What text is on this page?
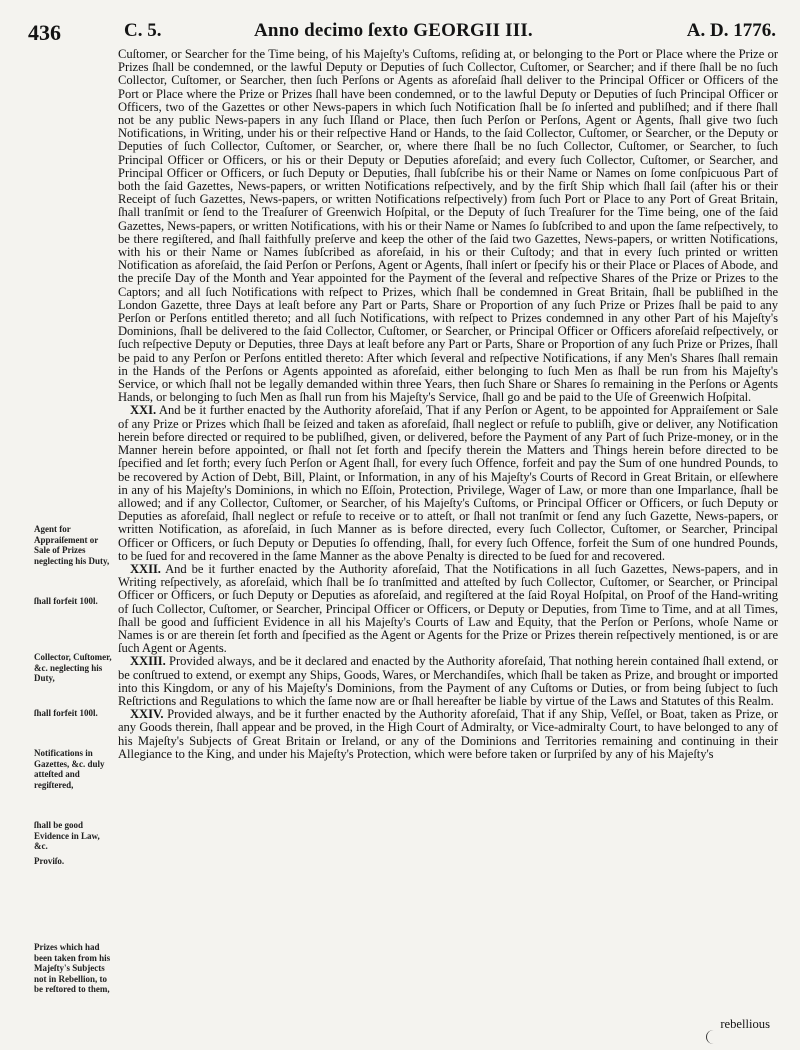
436	C. 5.	Anno decimo ſexto GEORGII III.	A. D. 1776.

Cuſtomer, or Searcher for the Time being, of his Majeſty's Cuſtoms, reſiding at, or belonging to the Port or Place where the Prize or Prizes ſhall be condemned, or the lawful Deputy or Deputies of ſuch Collector, Cuſtomer, or Searcher; and if there ſhall be no ſuch Collector, Cuſtomer, or Searcher, then ſuch Perſons or Agents as aforeſaid ſhall deliver to the Principal Officer or Officers of the Port or Place where the Prize or Prizes ſhall have been condemned, or to the lawful Deputy or Deputies of ſuch Principal Officer or Officers, two of the Gazettes or other News-papers in which ſuch Notification ſhall be ſo inſerted and publiſhed; and if there ſhall not be any public News-papers in any ſuch Iſland or Place, then ſuch Perſon or Perſons, Agent or Agents, ſhall give two ſuch Notifications, in Writing, under his or their reſpective Hand or Hands, to the ſaid Collector, Cuſtomer, or Searcher, or the Deputy or Deputies of ſuch Collector, Cuſtomer, or Searcher, or, where there ſhall be no ſuch Collector, Cuſtomer, or Searcher, to ſuch Principal Officer or Officers, or his or their Deputy or Deputies aforeſaid; and every ſuch Collector, Cuſtomer, or Searcher, and Principal Officer or Officers, or ſuch Deputy or Deputies, ſhall ſubſcribe his or their Name or Names on ſome conſpicuous Part of both the ſaid Gazettes, News-papers, or written Notifications reſpectively, and by the firſt Ship which ſhall ſail (after his or their Receipt of ſuch Gazettes, News-papers, or written Notifications reſpectively) from ſuch Port or Place to any Port of Great Britain, ſhall tranſmit or ſend to the Treaſurer of Greenwich Hoſpital, or the Deputy of ſuch Treaſurer for the Time being, one of the ſaid Gazettes, News-papers, or written Notifications, with his or their Name or Names ſo ſubſcribed to and upon the ſame reſpectively, to be there regiſtered, and ſhall faithfully preſerve and keep the other of the ſaid two Gazettes, News-papers, or written Notifications, with his or their Name or Names ſubſcribed as aforeſaid, in his or their Cuſtody; and that in every ſuch printed or written Notification as aforeſaid, the ſaid Perſon or Perſons, Agent or Agents, ſhall inſert or ſpecify his or their Place or Places of Abode, and the preciſe Day of the Month and Year appointed for the Payment of the ſeveral and reſpective Shares of the Prize or Prizes to the Captors; and all ſuch Notifications with reſpect to Prizes, which ſhall be condemned in Great Britain, ſhall be publiſhed in the London Gazette, three Days at leaſt before any Part or Parts, Share or Proportion of any ſuch Prize or Prizes ſhall be paid to any Perſon or Perſons entitled thereto; and all ſuch Notifications, with reſpect to Prizes condemned in any other Part of his Majeſty's Dominions, ſhall be delivered to the ſaid Collector, Cuſtomer, or Searcher, or Principal Officer or Officers aforeſaid reſpectively, or ſuch reſpective Deputy or Deputies, three Days at leaſt before any Part or Parts, Share or Proportion of any ſuch Prize or Prizes, ſhall be paid to any Perſon or Perſons entitled thereto: After which ſeveral and reſpective Notifications, if any Men's Shares ſhall remain in the Hands of the Perſons or Agents appointed as aforeſaid, either belonging to ſuch Men as ſhall be run from his Majeſty's Service, or which ſhall not be legally demanded within three Years, then ſuch Share or Shares ſo remaining in the Perſons or Agents Hands, or belonging to ſuch Men as ſhall run from his Majeſty's Service, ſhall go and be paid to the Uſe of Greenwich Hoſpital.

XXI. And be it further enacted by the Authority aforeſaid, That if any Perſon or Agent, to be appointed for Appraiſement or Sale of any Prize or Prizes which ſhall be ſeized and taken as aforeſaid, ſhall neglect or refuſe to publiſh, give or deliver, any Notification herein before directed or required to be publiſhed, given, or delivered, before the Payment of any Part of ſuch Prize-money, or in the Manner herein before appointed, or ſhall not ſet forth and ſpecify therein the Matters and Things herein before directed to be ſpecified and ſet forth; every ſuch Perſon or Agent ſhall, for every ſuch Offence, forfeit and pay the Sum of one hundred Pounds, to be recovered by Action of Debt, Bill, Plaint, or Information, in any of his Majeſty's Courts of Record in Great Britain, or elſewhere in any of his Majeſty's Dominions, in which no Eſſoin, Protection, Privilege, Wager of Law, or more than one Imparlance, ſhall be allowed; and if any Collector, Cuſtomer, or Searcher, of his Majeſty's Cuſtoms, or Principal Officer or Officers, or ſuch Deputy or Deputies as aforeſaid, ſhall neglect or refuſe to receive or to atteſt, or ſhall not tranſmit or ſend any ſuch Gazette, News-papers, or written Notification, as aforeſaid, in ſuch Manner as is before directed, every ſuch Collector, Cuſtomer, or Searcher, Principal Officer or Officers, or ſuch Deputy or Deputies ſo offending, ſhall, for every ſuch Offence, forfeit the Sum of one hundred Pounds, to be ſued for and recovered in the ſame Manner as the above Penalty is directed to be ſued for and recovered.

XXII. And be it further enacted by the Authority aforeſaid, That the Notifications in all ſuch Gazettes, News-papers, and in Writing reſpectively, as aforeſaid, which ſhall be ſo tranſmitted and atteſted by ſuch Collector, Cuſtomer, or Searcher, or Principal Officer or Officers, or ſuch Deputy or Deputies as aforeſaid, and regiſtered at the ſaid Royal Hoſpital, on Proof of the Hand-writing of ſuch Collector, Cuſtomer, or Searcher, Principal Officer or Officers, or Deputy or Deputies, from Time to Time, and at all Times, ſhall be good and ſufficient Evidence in all his Majeſty's Courts of Law and Equity, that the Perſon or Perſons, whoſe Name or Names is or are therein ſet forth and ſpecified as the Agent or Agents for the Prize or Prizes therein reſpectively mentioned, is or are ſuch Agent or Agents.

XXIII. Provided always, and be it declared and enacted by the Authority aforeſaid, That nothing herein contained ſhall extend, or be conſtrued to extend, or exempt any Ships, Goods, Wares, or Merchandiſes, which ſhall be taken as Prize, and brought or imported into this Kingdom, or any of his Majeſty's Dominions, from the Payment of any Cuſtoms or Duties, or from being ſubject to ſuch Reſtrictions and Regulations to which the ſame now are or ſhall hereafter be liable by virtue of the Laws and Statutes of this Realm.

XXIV. Provided always, and be it further enacted by the Authority aforeſaid, That if any Ship, Veſſel, or Boat, taken as Prize, or any Goods therein, ſhall appear and be proved, in the High Court of Admiralty, or Vice-admiralty Court, to have belonged to any of his Majeſty's Subjects of Great Britain or Ireland, or any of the Dominions and Territories remaining and continuing in their Allegiance to the King, and under his Majeſty's Protection, which were before taken or ſurpriſed by any of his Majeſty's

Agent for Appraiſement or Sale of Prizes neglecting his Duty,
ſhall forfeit 100l.
Collector, Cuſtomer, &c. neglecting his Duty,
ſhall forfeit 100l.
Notifications in Gazettes, &c. duly atteſted and regiſtered,
ſhall be good Evidence in Law, &c.
Proviſo.
Prizes which had been taken from his Majeſty's Subjects not in Rebellion, to be reſtored to them,
rebellious
